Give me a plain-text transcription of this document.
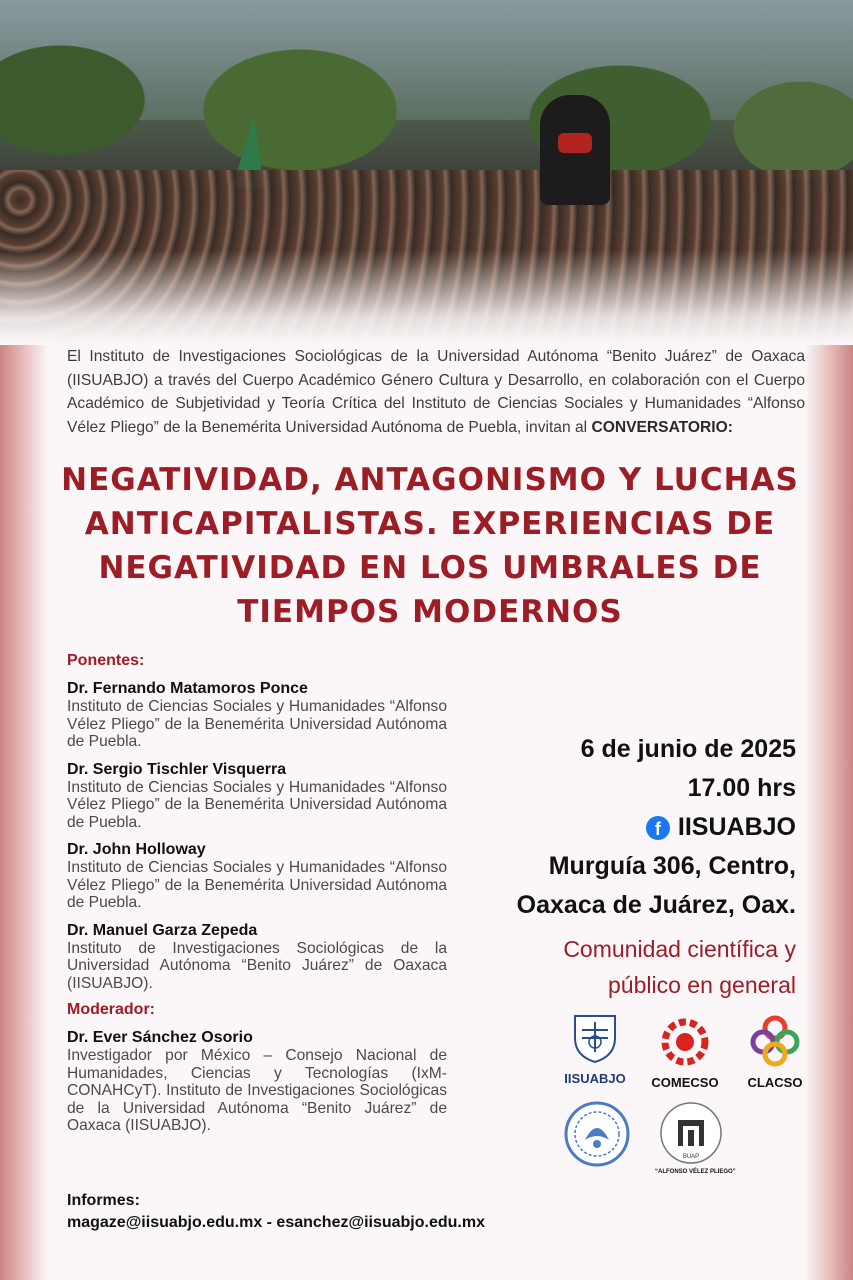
El Instituto de Investigaciones Sociológicas de la Universidad Autónoma “Benito Juárez” de Oaxaca (IISUABJO) a través del Cuerpo Académico Género Cultura y Desarrollo, en colaboración con el Cuerpo Académico de Subjetividad y Teoría Crítica del Instituto de Ciencias Sociales y Humanidades “Alfonso Vélez Pliego” de la Benemérita Universidad Autónoma de Puebla, invitan al CONVERSATORIO:
NEGATIVIDAD, ANTAGONISMO Y LUCHAS
ANTICAPITALISTAS. EXPERIENCIAS DE
NEGATIVIDAD EN LOS UMBRALES DE
TIEMPOS MODERNOS
Ponentes:
Dr. Fernando Matamoros Ponce
Instituto de Ciencias Sociales y Humanidades “Alfonso Vélez Pliego” de la Benemérita Universidad Autónoma de Puebla.
Dr. Sergio Tischler Visquerra
Instituto de Ciencias Sociales y Humanidades “Alfonso Vélez Pliego” de la Benemérita Universidad Autónoma de Puebla.
Dr. John Holloway
Instituto de Ciencias Sociales y Humanidades “Alfonso Vélez Pliego” de la Benemérita Universidad Autónoma de Puebla.
Dr. Manuel Garza Zepeda
Instituto de Investigaciones Sociológicas de la Universidad Autónoma “Benito Juárez” de Oaxaca (IISUABJO).
Moderador:
Dr. Ever Sánchez Osorio
Investigador por México – Consejo Nacional de Humanidades, Ciencias y Tecnologías (IxM-CONAHCyT). Instituto de Investigaciones Sociológicas de la Universidad Autónoma “Benito Juárez” de Oaxaca (IISUABJO).
6 de junio de 2025
17.00 hrs
f IISUABJO
Murguía 306, Centro,
Oaxaca de Juárez, Oax.
Comunidad científica y
público en general
IISUABJO	COMECSO	CLACSO
BUAP
“ALFONSO VÉLEZ PLIEGO”
Informes:
magaze@iisuabjo.edu.mx - esanchez@iisuabjo.edu.mx
